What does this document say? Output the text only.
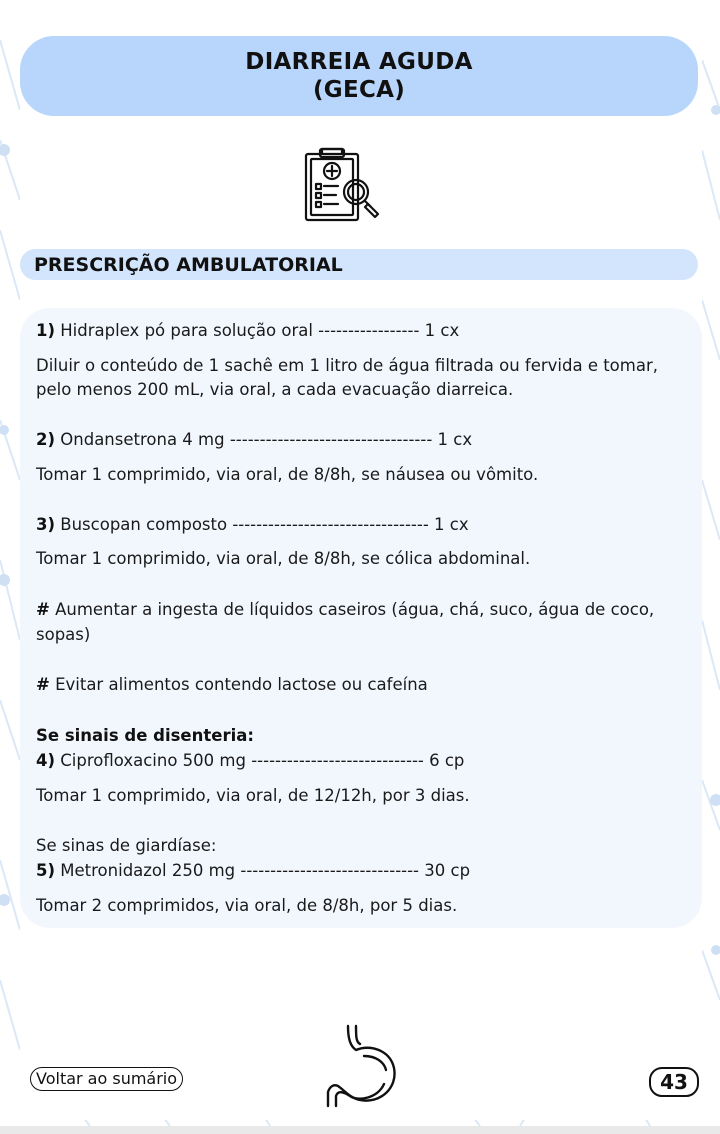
DIARREIA AGUDA
(GECA)
PRESCRIÇÃO AMBULATORIAL
1) Hidraplex pó para solução oral ----------------- 1 cx
Diluir o conteúdo de 1 sachê em 1 litro de água filtrada ou fervida e tomar,
pelo menos 200 mL, via oral, a cada evacuação diarreica.
2) Ondansetrona 4 mg ---------------------------------- 1 cx
Tomar 1 comprimido, via oral, de 8/8h, se náusea ou vômito.
3) Buscopan composto --------------------------------- 1 cx
Tomar 1 comprimido, via oral, de 8/8h, se cólica abdominal.
# Aumentar a ingesta de líquidos caseiros (água, chá, suco, água de coco,
sopas)
# Evitar alimentos contendo lactose ou cafeína
Se sinais de disenteria:
4) Ciprofloxacino 500 mg ----------------------------- 6 cp
Tomar 1 comprimido, via oral, de 12/12h, por 3 dias.
Se sinas de giardíase:
5) Metronidazol 250 mg ------------------------------ 30 cp
Tomar 2 comprimidos, via oral, de 8/8h, por 5 dias.
Voltar ao sumário	43
